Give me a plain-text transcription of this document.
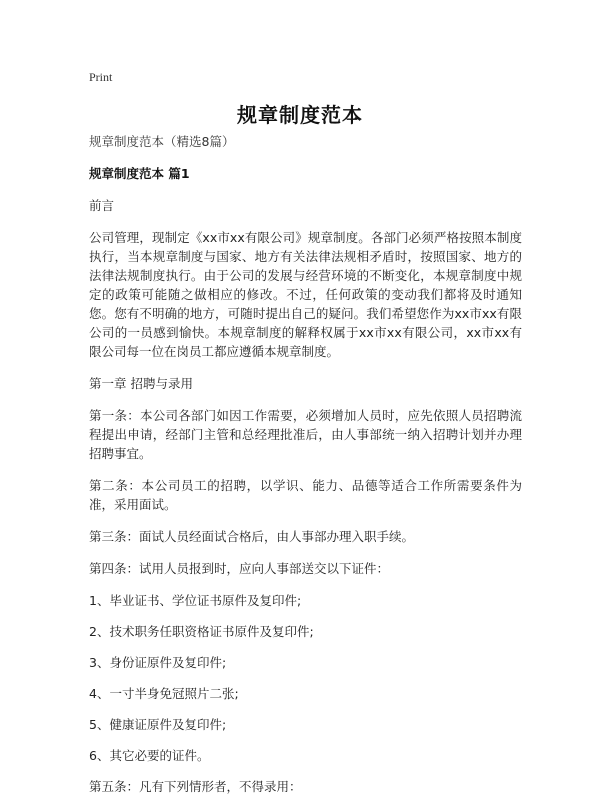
Print
规章制度范本

规章制度范本（精选8篇）

规章制度范本 篇1

前言

公司管理，现制定《xx市xx有限公司》规章制度。各部门必须严格按照本制度执行，当本规章制度与国家、地方有关法律法规相矛盾时，按照国家、地方的法律法规制度执行。由于公司的发展与经营环境的不断变化，本规章制度中规定的政策可能随之做相应的修改。不过，任何政策的变动我们都将及时通知您。您有不明确的地方，可随时提出自己的疑问。我们希望您作为xx市xx有限公司的一员感到愉快。本规章制度的解释权属于xx市xx有限公司，xx市xx有限公司每一位在岗员工都应遵循本规章制度。

第一章 招聘与录用

第一条：本公司各部门如因工作需要，必须增加人员时，应先依照人员招聘流程提出申请，经部门主管和总经理批准后，由人事部统一纳入招聘计划并办理招聘事宜。

第二条：本公司员工的招聘，以学识、能力、品德等适合工作所需要条件为准，采用面试。

第三条：面试人员经面试合格后，由人事部办理入职手续。

第四条：试用人员报到时，应向人事部送交以下证件：

1、毕业证书、学位证书原件及复印件;

2、技术职务任职资格证书原件及复印件;

3、身份证原件及复印件;

4、一寸半身免冠照片二张;

5、健康证原件及复印件;

6、其它必要的证件。

第五条：凡有下列情形者，不得录用：
